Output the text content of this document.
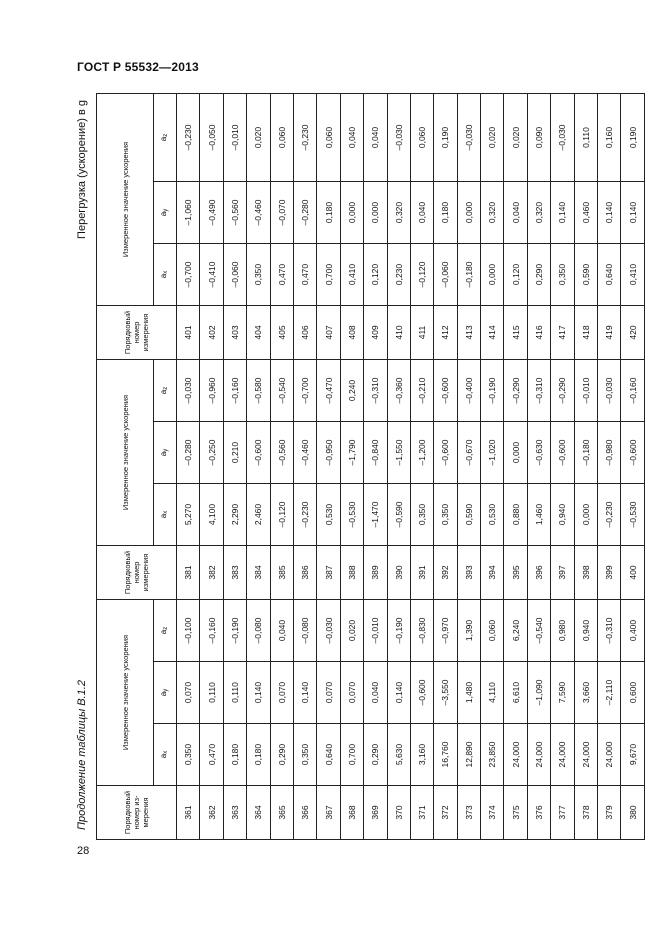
ГОСТ Р 55532—2013
Продолжение таблицы В.1.2
Перегрузка (ускорение) в g
Порядковый номер из-мерения	Измеренное значение ускорения			Порядковый номер измерения	Измеренное значение ускорения			Порядковый номер измерения	Измеренное значение ускорения		
	ax	ay	az		ax	ay	az		ax	ay	az
361	0,350	0,070	–0,100	381	5,270	–0,280	–0,030	401	–0,700	–1,060	–0,230
362	0,470	0,110	–0,160	382	4,100	–0,250	–0,960	402	–0,410	–0,490	–0,050
363	0,180	0,110	–0,190	383	2,290	0,210	–0,160	403	–0,060	–0,560	–0,010
364	0,180	0,140	–0,080	384	2,460	–0,600	–0,580	404	0,350	–0,460	0,020
365	0,290	0,070	0,040	385	–0,120	–0,560	–0,540	405	0,470	–0,070	0,060
366	0,350	0,140	–0,080	386	–0,230	–0,460	–0,700	406	0,470	–0,280	–0,230
367	0,640	0,070	–0,030	387	0,530	–0,950	–0,470	407	0,700	0,180	0,060
368	0,700	0,070	0,020	388	–0,530	–1,790	0,240	408	0,410	0,000	0,040
369	0,290	0,040	–0,010	389	–1,470	–0,840	–0,310	409	0,120	0,000	0,040
370	5,630	0,140	–0,190	390	–0,590	–1,550	–0,360	410	0,230	0,320	–0,030
371	3,160	–0,600	–0,830	391	0,350	–1,200	–0,210	411	–0,120	0,040	0,060
372	16,760	–3,550	–0,970	392	0,350	–0,600	–0,600	412	–0,060	0,180	0,190
373	12,890	1,480	1,390	393	0,590	–0,670	–0,400	413	–0,180	0,000	–0,030
374	23,850	4,110	0,060	394	0,530	–1,020	–0,190	414	0,000	0,320	0,020
375	24,000	6,610	6,240	395	0,880	0,000	–0,290	415	0,120	0,040	0,020
376	24,000	–1,090	–0,540	396	1,460	–0,630	–0,310	416	0,290	0,320	0,090
377	24,000	7,590	0,980	397	0,940	–0,600	–0,290	417	0,350	0,140	–0,030
378	24,000	3,660	0,940	398	0,000	–0,180	–0,010	418	0,590	0,460	0,110
379	24,000	–2,110	–0,310	399	–0,230	–0,980	–0,030	419	0,640	0,140	0,160
380	9,670	0,600	0,400	400	–0,530	–0,600	–0,160	420	0,410	0,140	0,190
28
